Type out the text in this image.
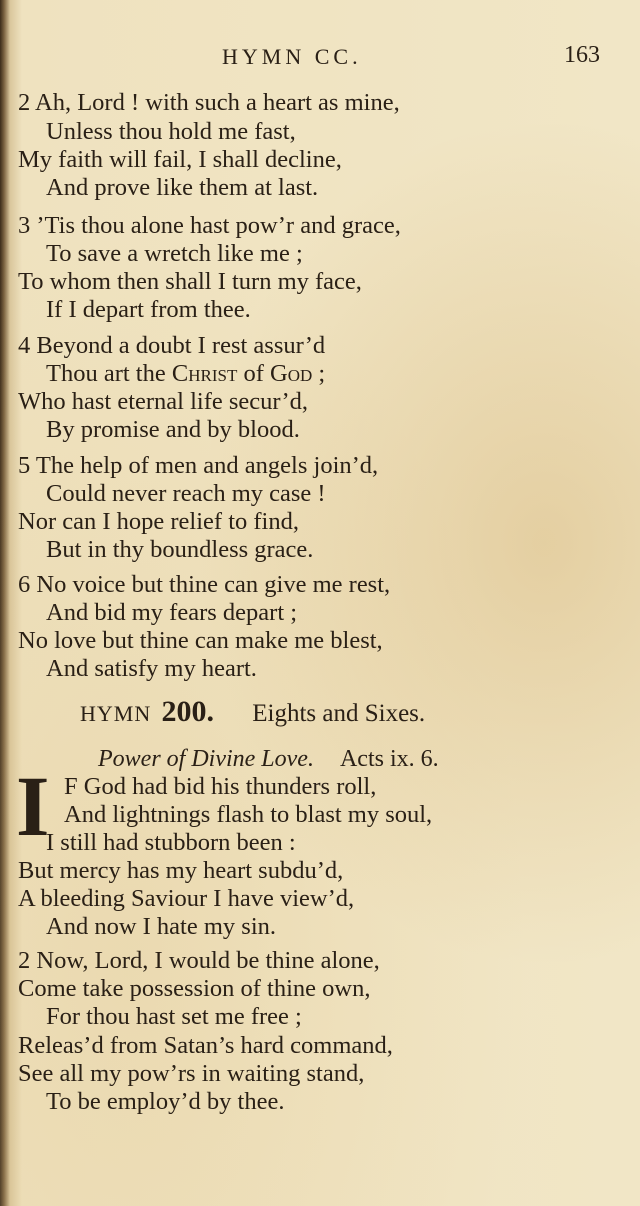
HYMN CC.	163
2 Ah, Lord ! with such a heart as mine,
Unless thou hold me fast,
My faith will fail, I shall decline,
And prove like them at last.
3 ’Tis thou alone hast pow’r and grace,
To save a wretch like me ;
To whom then shall I turn my face,
If I depart from thee.
4 Beyond a doubt I rest assur’d
Thou art the Christ of God ;
Who hast eternal life secur’d,
By promise and by blood.
5 The help of men and angels join’d,
Could never reach my case !
Nor can I hope relief to find,
But in thy boundless grace.
6 No voice but thine can give me rest,
And bid my fears depart ;
No love but thine can make me blest,
And satisfy my heart.
HYMN 200. Eights and Sixes.
Power of Divine Love. Acts ix. 6.
I F God had bid his thunders roll,
And lightnings flash to blast my soul,
I still had stubborn been :
But mercy has my heart subdu’d,
A bleeding Saviour I have view’d,
And now I hate my sin.
2 Now, Lord, I would be thine alone,
Come take possession of thine own,
For thou hast set me free ;
Releas’d from Satan’s hard command,
See all my pow’rs in waiting stand,
To be employ’d by thee.
